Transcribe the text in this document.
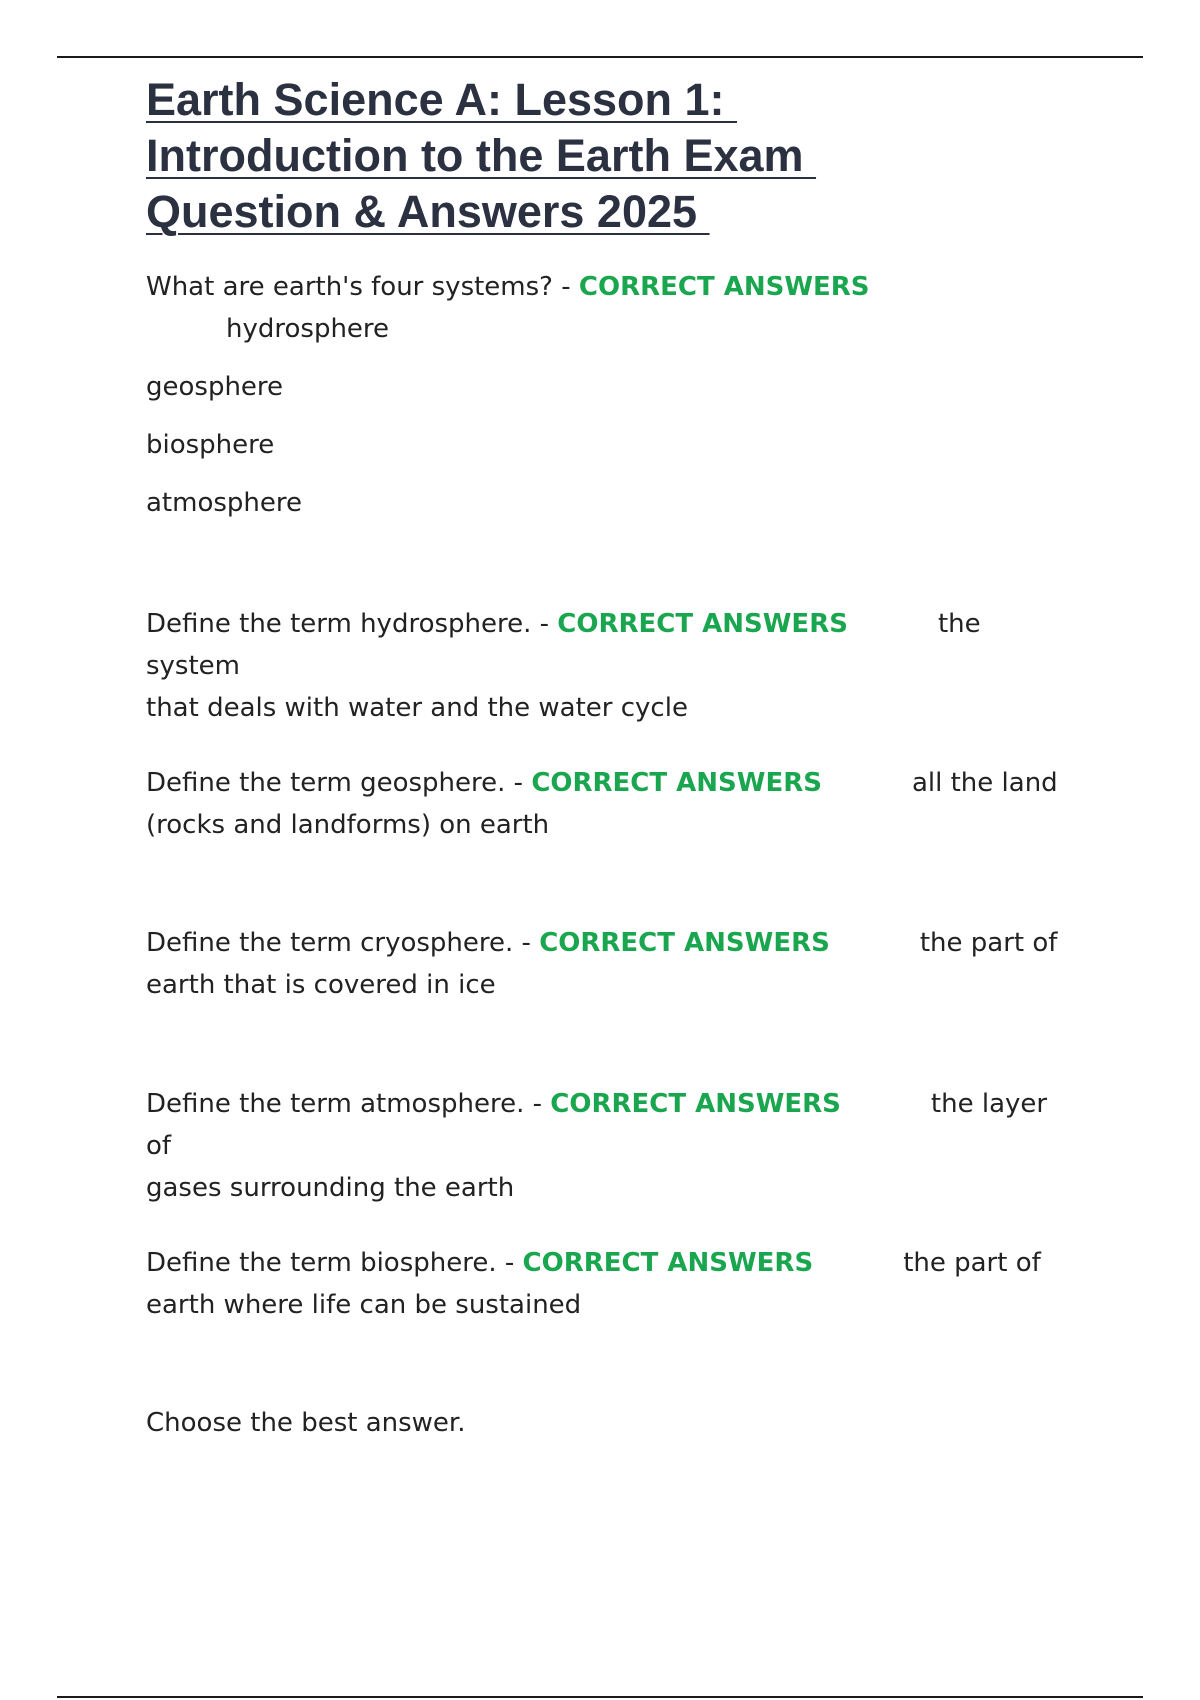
Earth Science A: Lesson 1:
Introduction to the Earth Exam
Question & Answers 2025

What are earth's four systems? - CORRECT ANSWERS
hydrosphere

geosphere

biosphere

atmosphere

Define the term hydrosphere. - CORRECT ANSWERS	the system
that deals with water and the water cycle

Define the term geosphere. - CORRECT ANSWERS	all the land
(rocks and landforms) on earth

Define the term cryosphere. - CORRECT ANSWERS	the part of
earth that is covered in ice

Define the term atmosphere. - CORRECT ANSWERS	the layer of
gases surrounding the earth

Define the term biosphere. - CORRECT ANSWERS	the part of
earth where life can be sustained

Choose the best answer.
